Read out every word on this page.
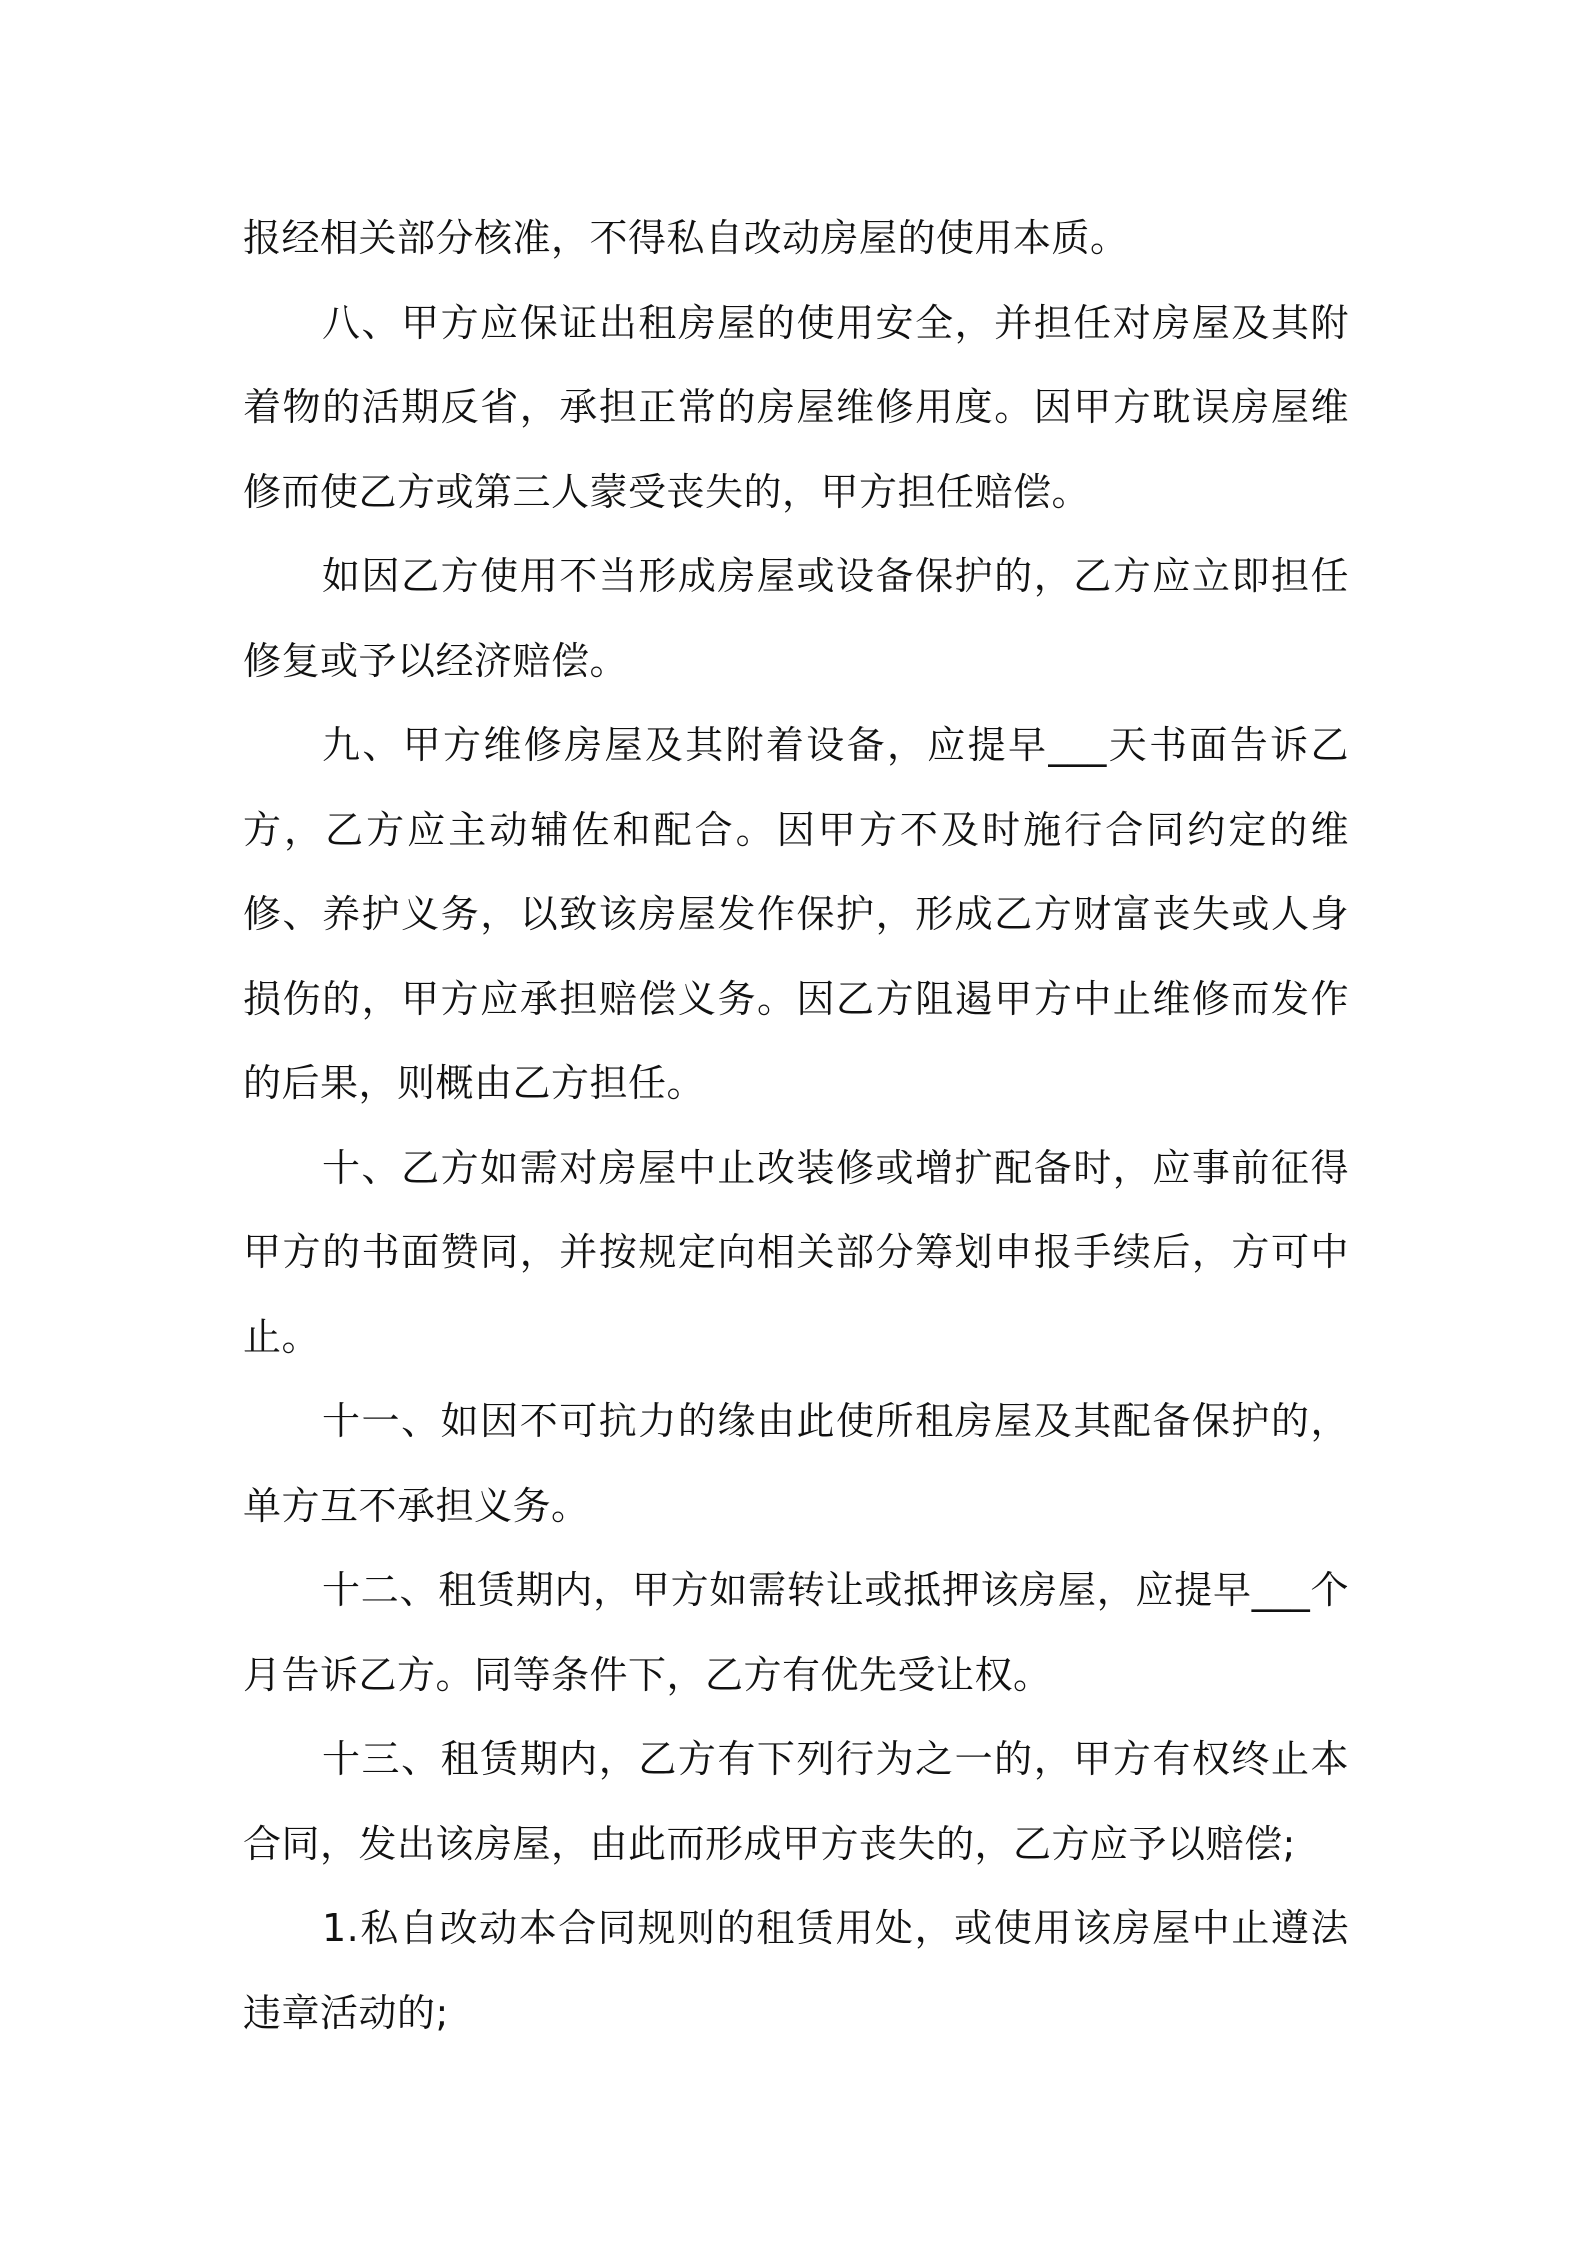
报经相关部分核准，不得私自改动房屋的使用本质。

八、甲方应保证出租房屋的使用安全，并担任对房屋及其附着物的活期反省，承担正常的房屋维修用度。因甲方耽误房屋维修而使乙方或第三人蒙受丧失的，甲方担任赔偿。

如因乙方使用不当形成房屋或设备保护的，乙方应立即担任修复或予以经济赔偿。

九、甲方维修房屋及其附着设备，应提早___天书面告诉乙方，乙方应主动辅佐和配合。因甲方不及时施行合同约定的维修、养护义务，以致该房屋发作保护，形成乙方财富丧失或人身损伤的，甲方应承担赔偿义务。因乙方阻遏甲方中止维修而发作的后果，则概由乙方担任。

十、乙方如需对房屋中止改装修或增扩配备时，应事前征得甲方的书面赞同，并按规定向相关部分筹划申报手续后，方可中止。

十一、如因不可抗力的缘由此使所租房屋及其配备保护的，单方互不承担义务。

十二、租赁期内，甲方如需转让或抵押该房屋，应提早___个月告诉乙方。同等条件下，乙方有优先受让权。

十三、租赁期内，乙方有下列行为之一的，甲方有权终止本合同，发出该房屋，由此而形成甲方丧失的，乙方应予以赔偿;

1.私自改动本合同规则的租赁用处，或使用该房屋中止遵法违章活动的;
